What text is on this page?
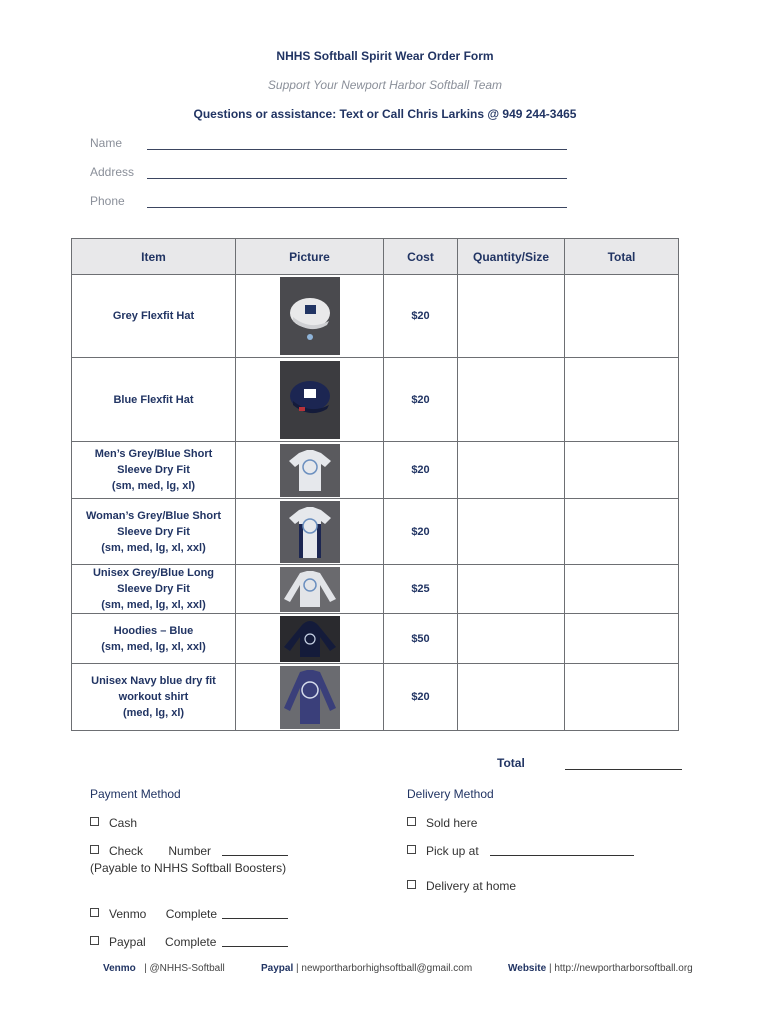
NHHS Softball Spirit Wear Order Form
Support Your Newport Harbor Softball Team
Questions or assistance: Text or Call Chris Larkins @ 949 244-3465
Name
Address
Phone
Item	Picture	Cost	Quantity/Size	Total

Grey Flexfit Hat		$20		

Blue Flexfit Hat		$20		

Men’s Grey/Blue Short
Sleeve Dry Fit
(sm, med, lg, xl)		$20		

Woman’s Grey/Blue Short
Sleeve Dry Fit
(sm, med, lg, xl, xxl)		$20		

Unisex Grey/Blue Long
Sleeve Dry Fit
(sm, med, lg, xl, xxl)		$25		

Hoodies – Blue
(sm, med, lg, xl, xxl)		$50		

Unisex Navy blue dry fit
workout shirt
(med, lg, xl)		$20		
Total
Payment Method	Delivery Method
Cash
Check Number
(Payable to NHHS Softball Boosters)
Venmo Complete
Paypal Complete
Sold here
Pick up at
Delivery at home
Venmo | @NHHS-Softball	Paypal | newportharborhighsoftball@gmail.com	Website | http://newportharborsoftball.org
